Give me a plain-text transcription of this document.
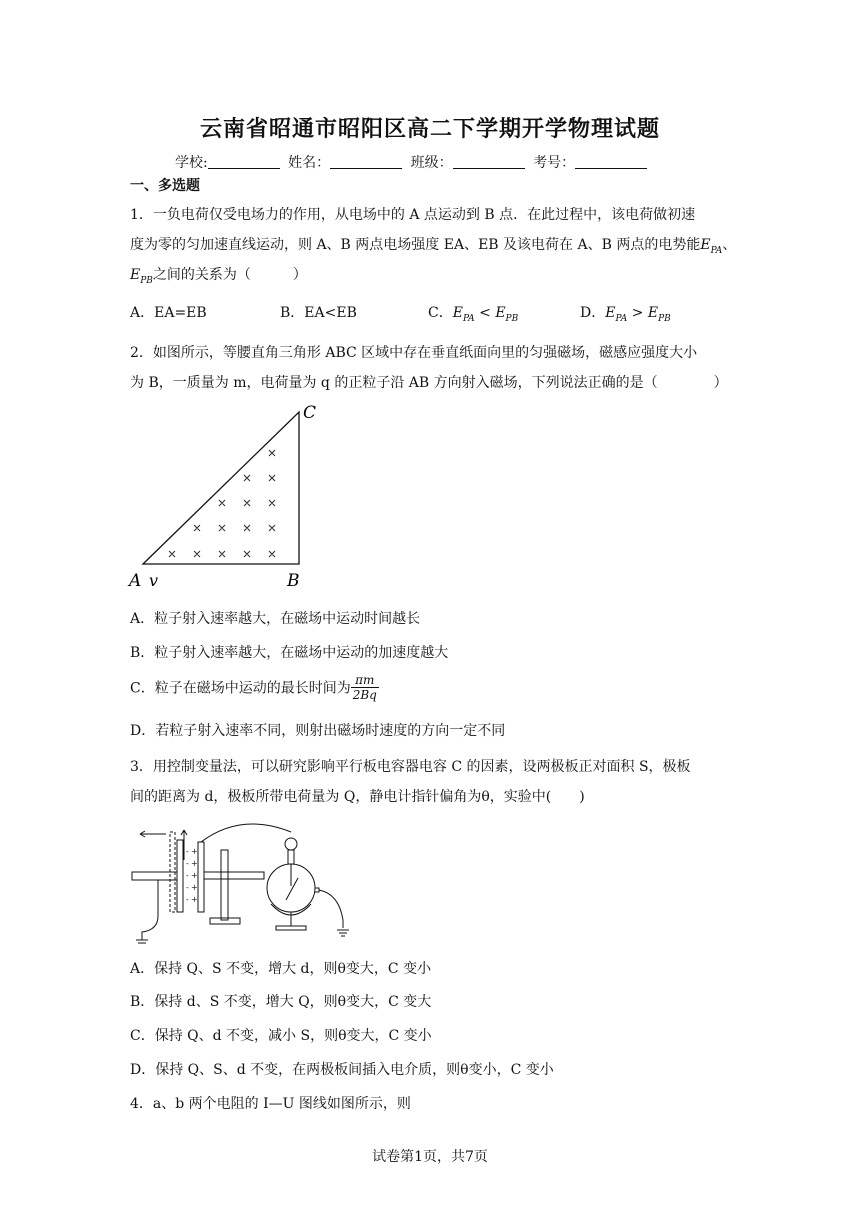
云南省昭通市昭阳区高二下学期开学物理试题
学校:	姓名：	班级：	考号：
一、多选题
1．一负电荷仅受电场力的作用，从电场中的 A 点运动到 B 点．在此过程中，该电荷做初速
度为零的匀加速直线运动，则 A、B 两点电场强度 EA、EB 及该电荷在 A、B 两点的电势能$E_{PA}$、
$E_{PB}$之间的关系为（　　　）
A．EA=EB	B．EA<EB	C．$E_{PA} < E_{PB}$	D．$E_{PA} > E_{PB}$
2．如图所示，等腰直角三角形 ABC 区域中存在垂直纸面向里的匀强磁场，磁感应强度大小
为 B，一质量为 m，电荷量为 q 的正粒子沿 AB 方向射入磁场，下列说法正确的是（　　　　）
C
A v	B
A．粒子射入速率越大，在磁场中运动时间越长
B．粒子射入速率越大，在磁场中运动的加速度越大
C．粒子在磁场中运动的最长时间为 $\frac{\pi m}{2Bq}$
D．若粒子射入速率不同，则射出磁场时速度的方向一定不同
3．用控制变量法，可以研究影响平行板电容器电容 C 的因素，设两极板正对面积 S，极板
间的距离为 d，极板所带电荷量为 Q，静电计指针偏角为θ，实验中(　　)
-
-
-
-
-
+
+
+
+
+
A．保持 Q、S 不变，增大 d，则θ变大，C 变小
B．保持 d、S 不变，增大 Q，则θ变大，C 变大
C．保持 Q、d 不变，减小 S，则θ变大，C 变小
D．保持 Q、S、d 不变，在两极板间插入电介质，则θ变小，C 变小
4．a、b 两个电阻的 I—U 图线如图所示，则
试卷第1页，共7页
